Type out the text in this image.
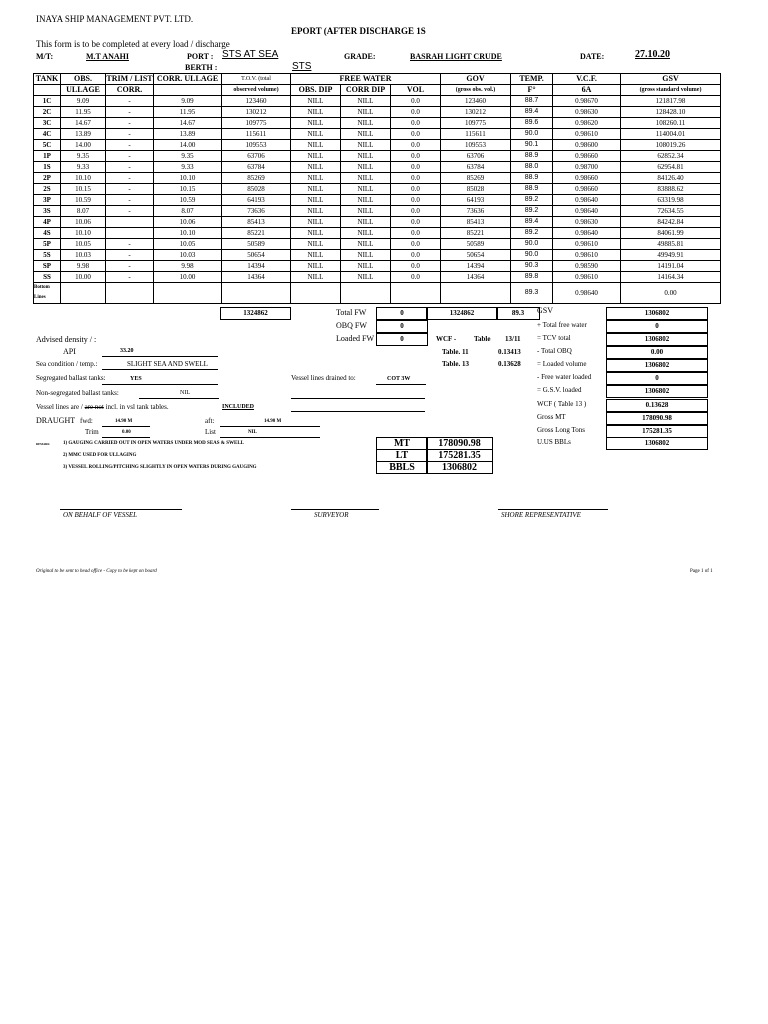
INAYA SHIP MANAGEMENT PVT. LTD.
EPORT (AFTER DISCHARGE 1S
This form is to be completed at every load / discharge
M/T:	M.T ANAHI	PORT : STS AT SEA	GRADE:	BASRAH LIGHT CRUDE	DATE:	27.10.20
BERTH :	STS
TANK	OBS.	TRIM / LIST	CORR. ULLAGE	T.O.V. (total	FREE WATER			GOV	TEMP.	V.C.F.	GSV
	ULLAGE	CORR.		observed volume)	OBS. DIP	CORR DIP	VOL	(gross obs. vol.)	F°	6A	(gross standard volume)
1C	9.09	-	9.09	123460	NILL	NILL	0.0	123460	88.7	0.98670	121817.98
2C	11.95	-	11.95	130212	NILL	NILL	0.0	130212	89.4	0.98630	128428.10
3C	14.67	-	14.67	109775	NILL	NILL	0.0	109775	89.6	0.98620	108260.11
4C	13.89	-	13.89	115611	NILL	NILL	0.0	115611	90.0	0.98610	114004.01
5C	14.00	-	14.00	109553	NILL	NILL	0.0	109553	90.1	0.98600	108019.26
1P	9.35	-	9.35	63706	NILL	NILL	0.0	63706	88.9	0.98660	62852.34
1S	9.33	-	9.33	63784	NILL	NILL	0.0	63784	88.0	0.98700	62954.81
2P	10.10	-	10.10	85269	NILL	NILL	0.0	85269	88.9	0.98660	84126.40
2S	10.15	-	10.15	85028	NILL	NILL	0.0	85028	88.9	0.98660	83888.62
3P	10.59	-	10.59	64193	NILL	NILL	0.0	64193	89.2	0.98640	63319.98
3S	8.07	-	8.07	73636	NILL	NILL	0.0	73636	89.2	0.98640	72634.55
4P	10.06		10.06	85413	NILL	NILL	0.0	85413	89.4	0.98630	84242.84
4S	10.10		10.10	85221	NILL	NILL	0.0	85221	89.2	0.98640	84061.99
5P	10.05	-	10.05	50589	NILL	NILL	0.0	50589	90.0	0.98610	49885.81
5S	10.03	-	10.03	50654	NILL	NILL	0.0	50654	90.0	0.98610	49949.91
SP	9.98	-	9.98	14394	NILL	NILL	0.0	14394	90.3	0.98590	14191.04
SS	10.00	-	10.00	14364	NILL	NILL	0.0	14364	89.8	0.98610	14164.34
Bottom Lines									89.3	0.98640	0.00
1324862	Total FW	0	1324862	89.3	GSV	1306802
OBQ FW	0
Loaded FW	0	WCF -	Table 13/11
Table. 11	0.13413
Table. 13	0.13628
+ Total free water	0
= TCV total	1306802
- Total OBQ	0.00
= Loaded volume	1306802
- Free water loaded	0
= G.S.V. loaded	1306802
WCF ( Table 13 )	0.13628
Gross MT	178090.98
Gross Long Tons	175281.35
U.US BBLs	1306802
Advised density / :
API	33.20
Sea condition / temp.:	SLIGHT SEA AND SWELL
Segregated ballast tanks:	YES	Vessel lines drained to:	COT 3W
Non-segregated ballast tanks:	NIL
Vessel lines are / are not incl. in vsl tank tables.	INCLUDED
DRAUGHT fwd:	14.90 M	aft:	14.90 M
Trim	0.00	List	NIL
REMARK	1) GAUGING CARRIED OUT IN OPEN WATERS UNDER MOD SEAS & SWELL
2) MMC USED FOR ULLAGING
3) VESSEL ROLLING/PITCHING SLIGHTLY IN OPEN WATERS DURING GAUGING
MT	178090.98
LT	175281.35
BBLS	1306802
ON BEHALF OF VESSEL	SURVEYOR	SHORE REPRESENTATIVE
Original to be sent to head office - Copy to be kept on board	Page 1 of 1
